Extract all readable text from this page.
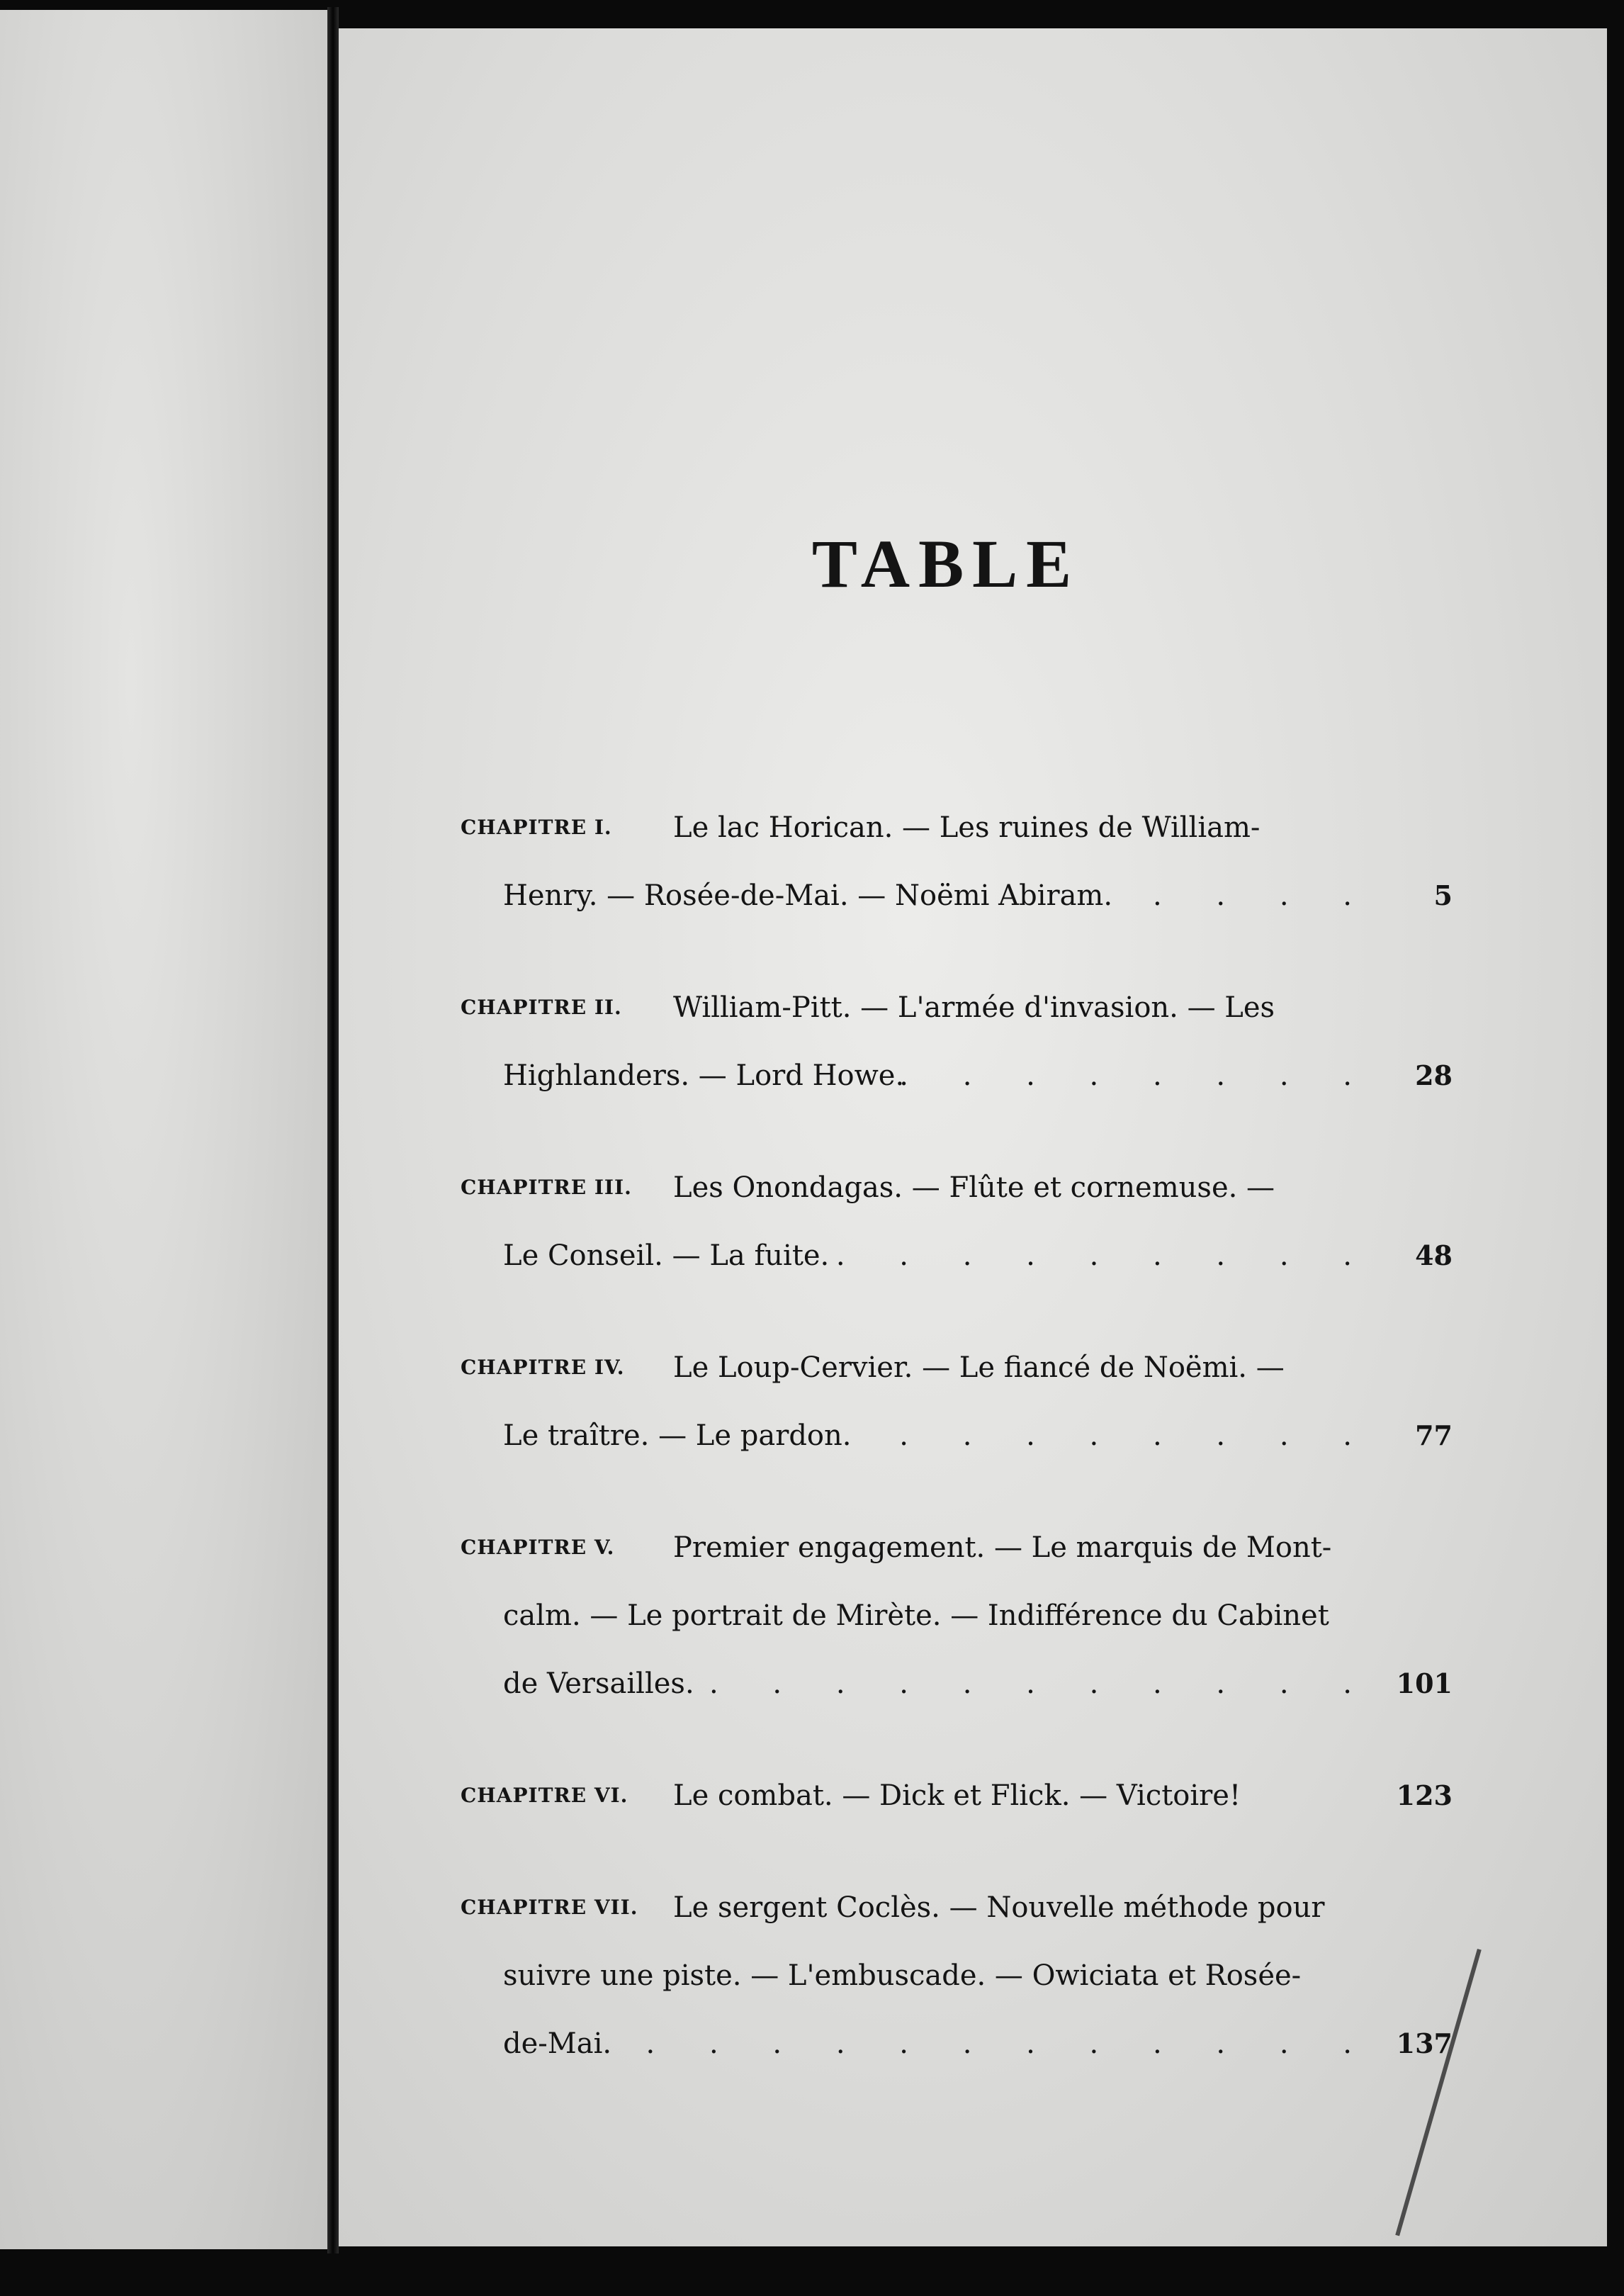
TABLE
CHAPITRE I. Le lac Horican. — Les ruines de William-
Henry. — Rosée-de-Mai. — Noëmi Abiram. . . . .	5
CHAPITRE II. William-Pitt. — L'armée d'invasion. — Les
Highlanders. — Lord Howe.
. . . . . . . .	28
CHAPITRE III. Les Onondagas. — Flûte et cornemuse. —
Le Conseil. — La fuite. . . . . . . . . .	48
CHAPITRE IV. Le Loup-Cervier. — Le fiancé de Noëmi. —
Le traître. — Le pardon. . . . . . . . .	77
CHAPITRE V. Premier engagement. — Le marquis de Mont-
calm. — Le portrait de Mirète. — Indifférence du Cabinet
de Versailles. . . . . . . . . . . . 101
CHAPITRE VI. Le combat. — Dick et Flick. — Victoire!	123
CHAPITRE VII. Le sergent Coclès. — Nouvelle méthode pour
suivre une piste. — L'embuscade. — Owiciata et Rosée-
de-Mai. . . . . . . . . . . . . 137
